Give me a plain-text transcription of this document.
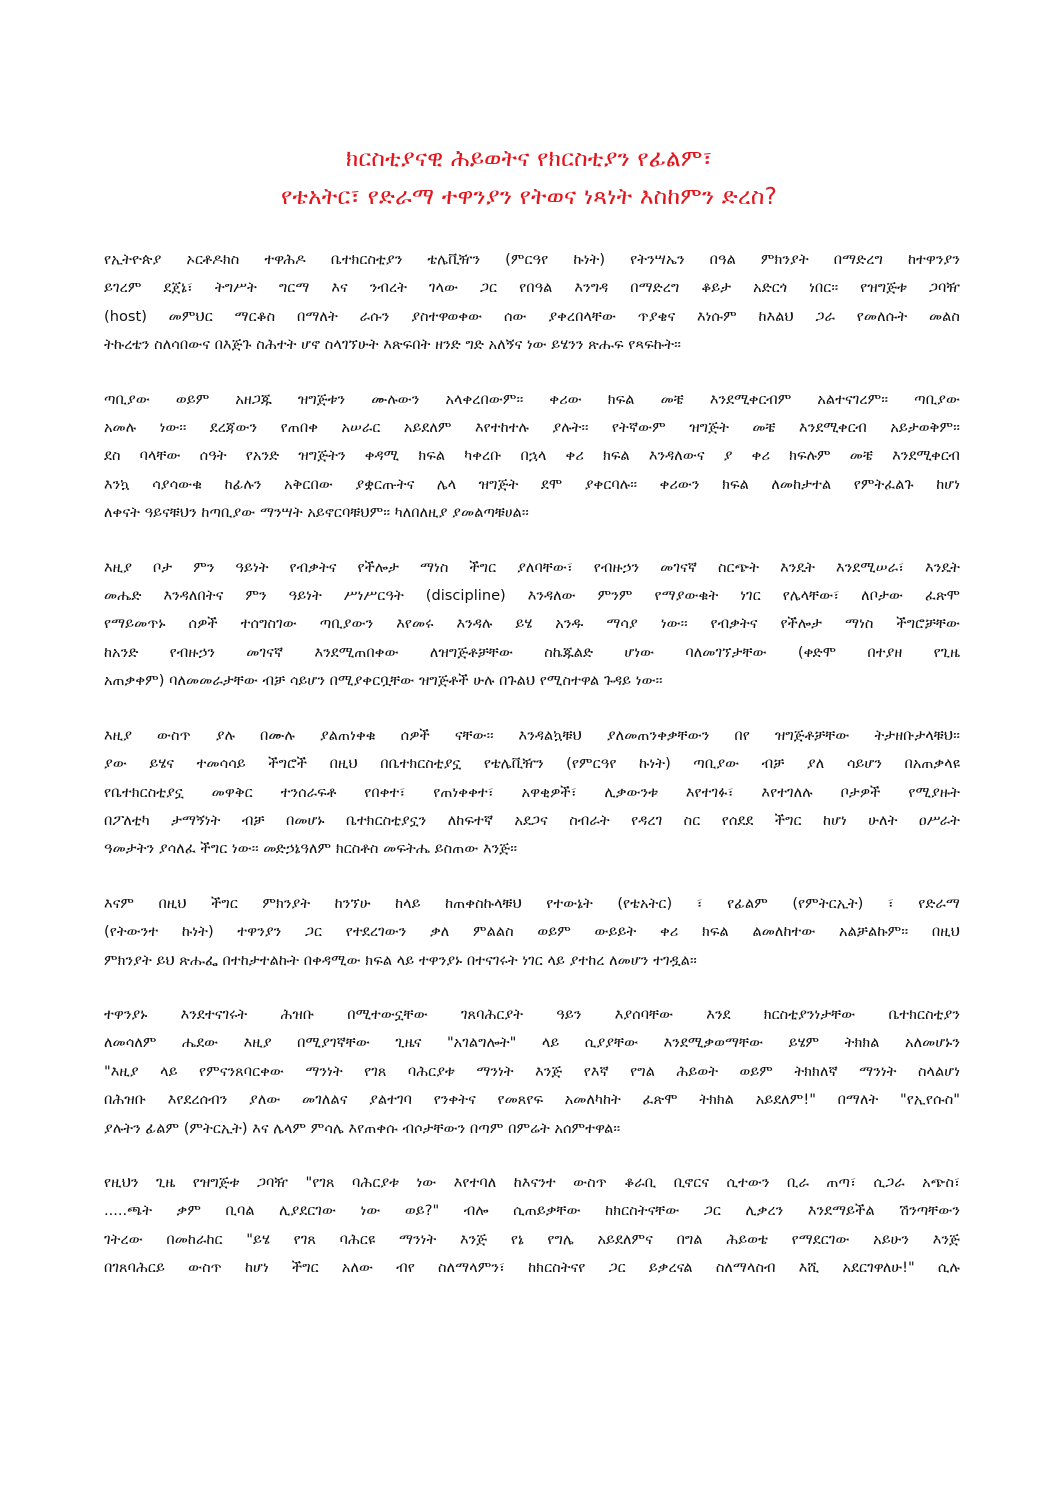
ክርስቲያናዊ ሕይወትና የክርስቲያን የፊልም፣
የቴአትር፣ የድራማ ተዋንያን የትወና ነጻነት እስከምን ድረስ?
የኢትዮጵያ ኦርቶዶክስ ተዋሕዶ ቤተክርስቲያን ቴሌቪዥን (ምርዓየ ኩነት) የትንሣኤን በዓል ምክንያት በማድረግ ከተዋንያን
ይገረም ደጀኔ፣ ትግሥት ግርማ እና ንብረት ገላው ጋር የበዓል እንግዳ በማድረግ ቆይታ አድርጎ ነበር፡፡ የዝግጅቱ ጋባዥ
(host) መምህር ማርቆስ በማለት ራሱን ያስተዋወቀው ሰው ያቀረበላቸው ጥያቄና እነሱም ከእልህ ጋራ የመለሱት መልስ
ትኩረቴን ስለሳበውና በእጅጉ ስሕተት ሆኖ ስላገኘሁት እጽፍበት ዘንድ ግድ አለኝና ነው ይሄንን ጽሑፍ የጻፍኩት፡፡
ጣቢያው ወይም አዘጋጁ ዝግጅቱን ሙሉውን አላቀረበውም፡፡ ቀሪው ክፍል መቼ እንደሚቀርብም አልተናገረም፡፡ ጣቢያው
አመሉ ነው፡፡ ደረጃውን የጠበቀ አሠራር አይደለም እየተከተሉ ያሉት፡፡ የትኛውም ዝግጅት መቼ እንደሚቀርብ አይታወቅም፡፡
ደስ ባላቸው ሰዓት የአንድ ዝግጅትን ቀዳሚ ክፍል ካቀረቡ በኋላ ቀሪ ክፍል እንዳለውና ያ ቀሪ ክፍሉም መቼ እንደሚቀርብ
እንኳ ሳያሳውቁ ከፊሉን አቅርበው ያቋርጡትና ሌላ ዝግጅት ደሞ ያቀርባሉ፡፡ ቀሪውን ክፍል ለመከታተል የምትፈልጉ ከሆነ
ለቀናት ዓይናቹህን ከጣቢያው ማንሣት አይኖርባቹህም፡፡ ካለበለዚያ ያመልጣቹሀል፡፡
እዚያ ቦታ ምን ዓይነት የብቃትና የችሎታ ማነስ ችግር ያለባቸው፣ የብዙኃን መገናኛ ስርጭት እንዴት እንደሚሠራ፣ እንዴት
መሔድ እንዳለበትና ምን ዓይነት ሥነሥርዓት (discipline) እንዳለው ምንም የማያውቁት ነገር የሌላቸው፣ ለቦታው ፈጽሞ
የማይመጥኑ ሰዎች ተሰግስገው ጣቢያውን እየመሩ እንዳሉ ይሄ አንዱ ማሳያ ነው፡፡ የብቃትና የችሎታ ማነስ ችግሮቻቸው
ከአንድ የብዙኃን መገናኛ እንደሚጠበቀው ለዝግጅቶቻቸው ስኬጁልድ ሆነው ባለመገኘታቸው (ቀድሞ በተያዘ የጊዜ
አጠቃቀም) ባለመመራታቸው ብቻ ሳይሆን በሚያቀርቧቸው ዝግጅቶች ሁሉ በጉልህ የሚስተዋል ጉዳይ ነው፡፡
እዚያ ውስጥ ያሉ በሙሉ ያልጠነቀቁ ሰዎች ናቸው፡፡ እንዳልኳቹህ ያለመጠንቀቃቸውን በየ ዝግጅቶቻቸው ትታዘቡታላቹህ፡፡
ያው ይሄና ተመሳሳይ ችግሮች በዚህ በቤተክርስቲያኗ የቴሌቪዥን (የምርዓየ ኩነት) ጣቢያው ብቻ ያለ ሳይሆን በአጠቃላዩ
የቤተክርስቲያኗ መዋቅር ተንሰራፍቶ የበቀተ፣ የጠነቀቀተ፣ አዋቂዎች፣ ሊቃውንቱ እየተገፉ፣ እየተገለሉ ቦታዎች የሚያዙት
በፖለቲካ ታማኝነት ብቻ በመሆኑ ቤተክርስቲያኗን ለከፍተኛ አደጋና ስብራት የዳረገ ስር የሰደደ ችግር ከሆነ ሁለት ዐሥራት
ዓመታትን ያሳለፈ ችግር ነው፡፡ መድኃኔዓለም ክርስቶስ መፍትሔ ይስጠው እንጅ፡፡
እናም በዚህ ችግር ምክንያት ከንኘሁ ከላይ ከጠቀስኩላቹህ የተውኔት (የቴአትር) ፣ የፊልም (የምትርኢት) ፣ የድራማ
(የትውንተ ኩነት) ተዋንያን ጋር የተደረገውን ቃለ ምልልስ ወይም ውይይት ቀሪ ክፍል ልመለከተው አልቻልኩም፡፡ በዚህ
ምክንያት ይህ ጽሑፌ በተከታተልኩት በቀዳሚው ክፍል ላይ ተዋንያኑ በተናገሩት ነገር ላይ ያተከረ ለመሆን ተገዷል፡፡
ተዋንያኑ እንደተናገሩት ሕዝቡ በሚተውኗቸው ገጸባሕርያት ዓይን እያሰባቸው እንደ ክርስቲያንነታቸው ቤተክርስቲያን
ለመሳለም ሔደው እዚያ በሚያገኛቸው ጊዜና "አገልግሎት" ላይ ሲያያቸው እንደሚቃወማቸው ይሄም ትክክል አለመሆኑን
"እዚያ ላይ የምናንጸባርቀው ማንነት የገጸ ባሕርያቱ ማንነት እንጅ የእኛ የግል ሕይወት ወይም ትክክለኛ ማንነት ስላልሆነ
በሕዝቡ እየደረሰብን ያለው መገለልና ያልተገባ የንቀትና የመጸየፍ አመለካከት ፈጽሞ ትክክል አይደለም!" በማለት "የኢየሱስ"
ያሉትን ፊልም (ምትርኢት) እና ሌላም ምሳሌ እየጠቀሱ ብሶታቸውን በጣም በምሬት አሰምተዋል፡፡
የዚህን ጊዜ የዝግጅቱ ጋባዥ "የገጸ ባሕርያቱ ነው እየተባለ ከእናንተ ውስጥ ቆራቢ ቢኖርና ሲተውን ቢራ ጠጣ፣ ሲጋራ አጭስ፣
.....ጫት ቃም ቢባል ሊያደርገው ነው ወይ?" ብሎ ሲጠይቃቸው ከክርስትናቸው ጋር ሊቃረን እንደማይችል ሽንጣቸውን
ገትረው በመከራከር "ይሄ የገጸ ባሕርዩ ማንነት እንጅ የኔ የግሌ አይደለምና በግል ሕይወቴ የማደርገው አይሁን እንጅ
በገጸባሕርይ ውስጥ ከሆነ ችግር አለው ብየ ስለማላምን፣ ከክርስትናየ ጋር ይቃረናል ስለማላስብ እሺ አደርገዋለሁ!" ሲሉ
